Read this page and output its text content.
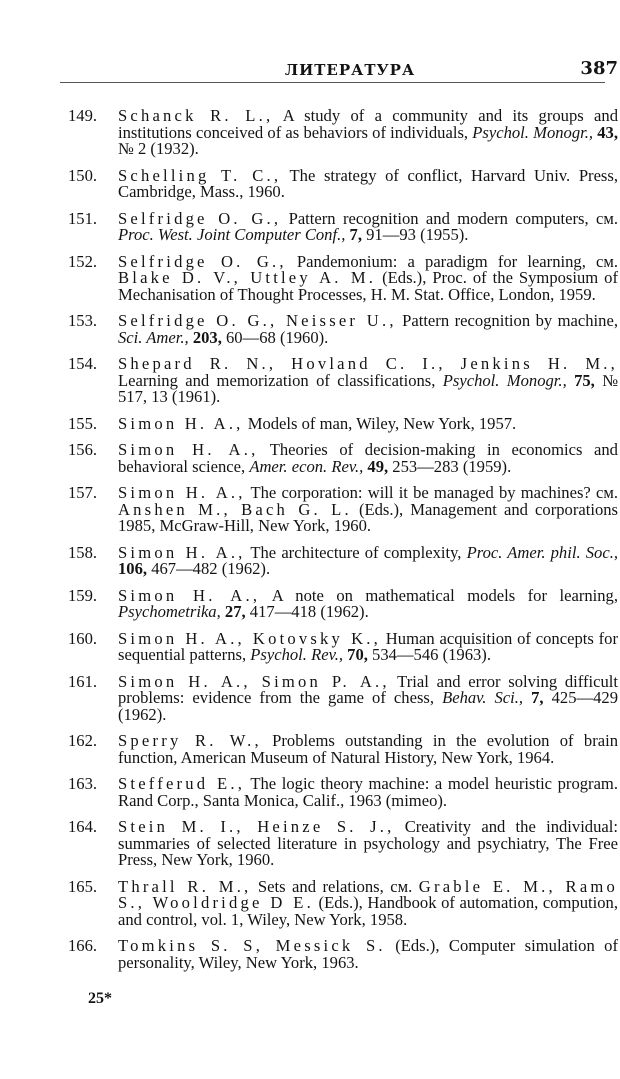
ЛИТЕРАТУРА	387
149. Schanck R. L., A study of a community and its groups and institutions conceived of as behaviors of individuals, Psychol. Monogr., 43, № 2 (1932).
150. Schelling T. C., The strategy of conflict, Harvard Univ. Press, Cambridge, Mass., 1960.
151. Selfridge O. G., Pattern recognition and modern computers, см. Proc. West. Joint Computer Conf., 7, 91—93 (1955).
152. Selfridge O. G., Pandemonium: a paradigm for learning, см. Blake D. V., Uttley A. M. (Eds.), Proc. of the Symposium of Mechanisation of Thought Processes, H. M. Stat. Office, London, 1959.
153. Selfridge O. G., Neisser U., Pattern recognition by machine, Sci. Amer., 203, 60—68 (1960).
154. Shepard R. N., Hovland C. I., Jenkins H. M., Learning and memorization of classifications, Psychol. Monogr., 75, № 517, 13 (1961).
155. Simon H. A., Models of man, Wiley, New York, 1957.
156. Simon H. A., Theories of decision-making in economics and behavioral science, Amer. econ. Rev., 49, 253—283 (1959).
157. Simon H. A., The corporation: will it be managed by machines? см. Anshen M., Bach G. L. (Eds.), Management and corporations 1985, McGraw-Hill, New York, 1960.
158. Simon H. A., The architecture of complexity, Proc. Amer. phil. Soc., 106, 467—482 (1962).
159. Simon H. A., A note on mathematical models for learning, Psychometrika, 27, 417—418 (1962).
160. Simon H. A., Kotovsky K., Human acquisition of concepts for sequential patterns, Psychol. Rev., 70, 534—546 (1963).
161. Simon H. A., Simon P. A., Trial and error solving difficult problems: evidence from the game of chess, Behav. Sci., 7, 425—429 (1962).
162. Sperry R. W., Problems outstanding in the evolution of brain function, American Museum of Natural History, New York, 1964.
163. Stefferud E., The logic theory machine: a model heuristic program. Rand Corp., Santa Monica, Calif., 1963 (mimeo).
164. Stein M. I., Heinze S. J., Creativity and the individual: summaries of selected literature in psychology and psychiatry, The Free Press, New York, 1960.
165. Thrall R. M., Sets and relations, см. Grable E. M., Ramo S., Wooldridge D E. (Eds.), Handbook of automation, compution, and control, vol. 1, Wiley, New York, 1958.
166. Tomkins S. S, Messick S. (Eds.), Computer simulation of personality, Wiley, New York, 1963.
25*
